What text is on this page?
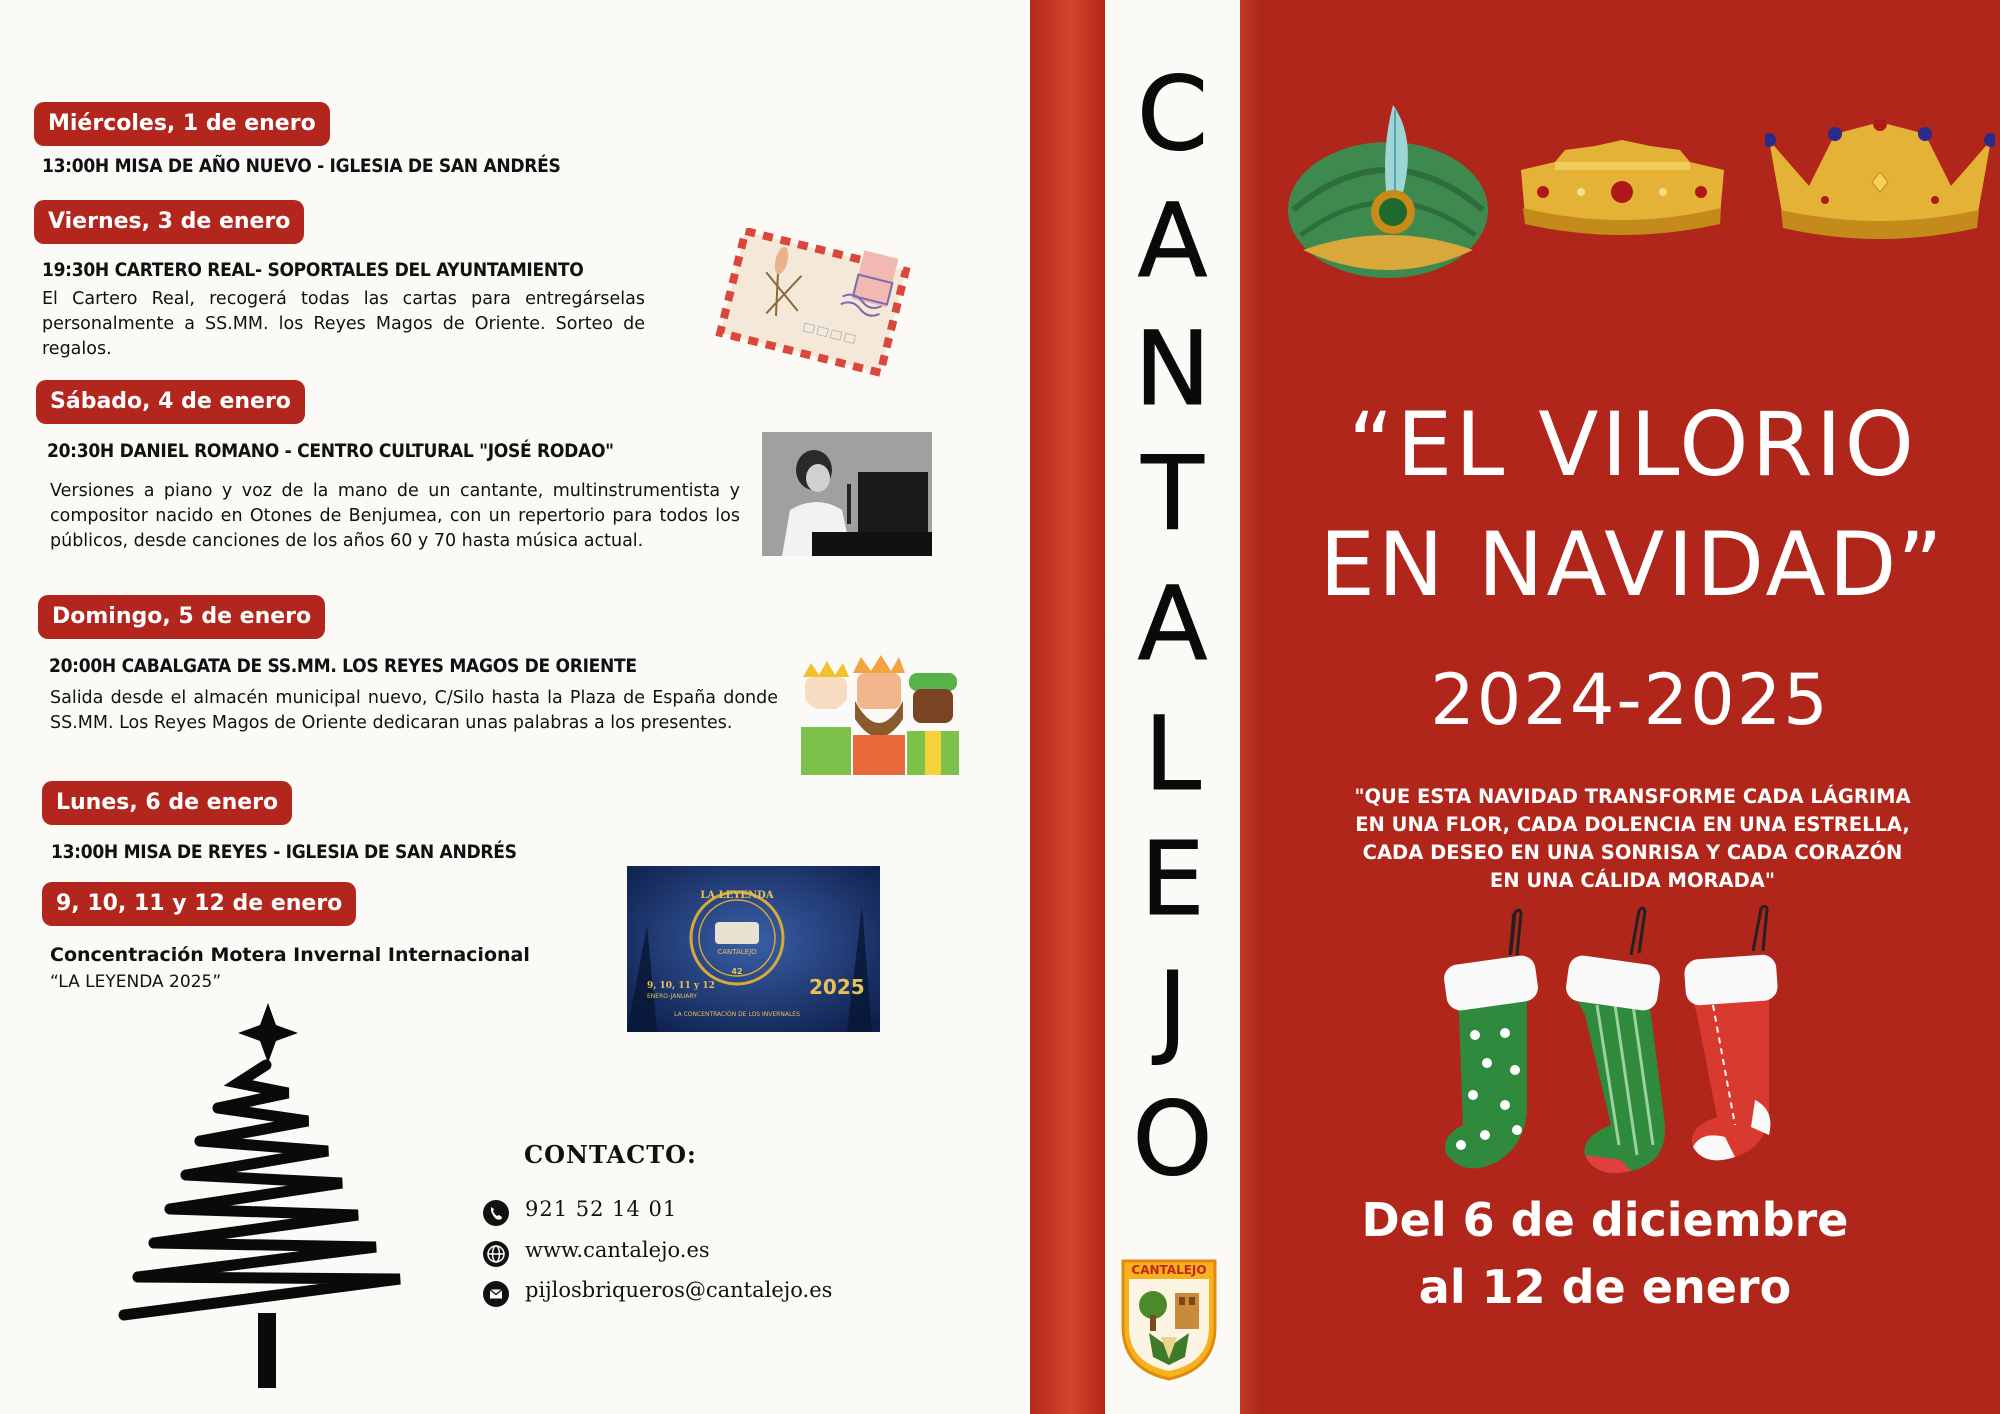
Miércoles, 1 de enero
13:00H MISA DE AÑO NUEVO - IGLESIA DE SAN ANDRÉS
Viernes, 3 de enero
19:30H CARTERO REAL- SOPORTALES DEL AYUNTAMIENTO
El Cartero Real, recogerá todas las cartas para entregárselas personalmente a SS.MM. los Reyes Magos de Oriente. Sorteo de regalos.
Sábado, 4 de enero
20:30H DANIEL ROMANO - CENTRO CULTURAL "JOSÉ RODAO"
Versiones a piano y voz de la mano de un cantante, multinstrumentista y compositor nacido en Otones de Benjumea, con un repertorio para todos los públicos, desde canciones de los años 60 y 70 hasta música actual.
Domingo, 5 de enero
20:00H CABALGATA DE SS.MM. LOS REYES MAGOS DE ORIENTE
Salida desde el almacén municipal nuevo, C/Silo hasta la Plaza de España donde SS.MM. Los Reyes Magos de Oriente dedicaran unas palabras a los presentes.
Lunes, 6 de enero
13:00H MISA DE REYES - IGLESIA DE SAN ANDRÉS
9, 10, 11 y 12 de enero
Concentración Motera Invernal Internacional
“LA LEYENDA 2025”
LA LEYENDA
CANTALEJO
42
9, 10, 11 y 12
ENERO-JANUARY	2025
LA CONCENTRACIÓN DE LOS INVERNALES
CONTACTO:
921 52 14 01
www.cantalejo.es
pijlosbriqueros@cantalejo.es
C
A
N
T
A
L
E
J
O
CANTALEJO
“EL VILORIO
EN NAVIDAD”
2024-2025
"QUE ESTA NAVIDAD TRANSFORME CADA LÁGRIMA
EN UNA FLOR, CADA DOLENCIA EN UNA ESTRELLA,
CADA DESEO EN UNA SONRISA Y CADA CORAZÓN
EN UNA CÁLIDA MORADA"
Del 6 de diciembre
al 12 de enero
